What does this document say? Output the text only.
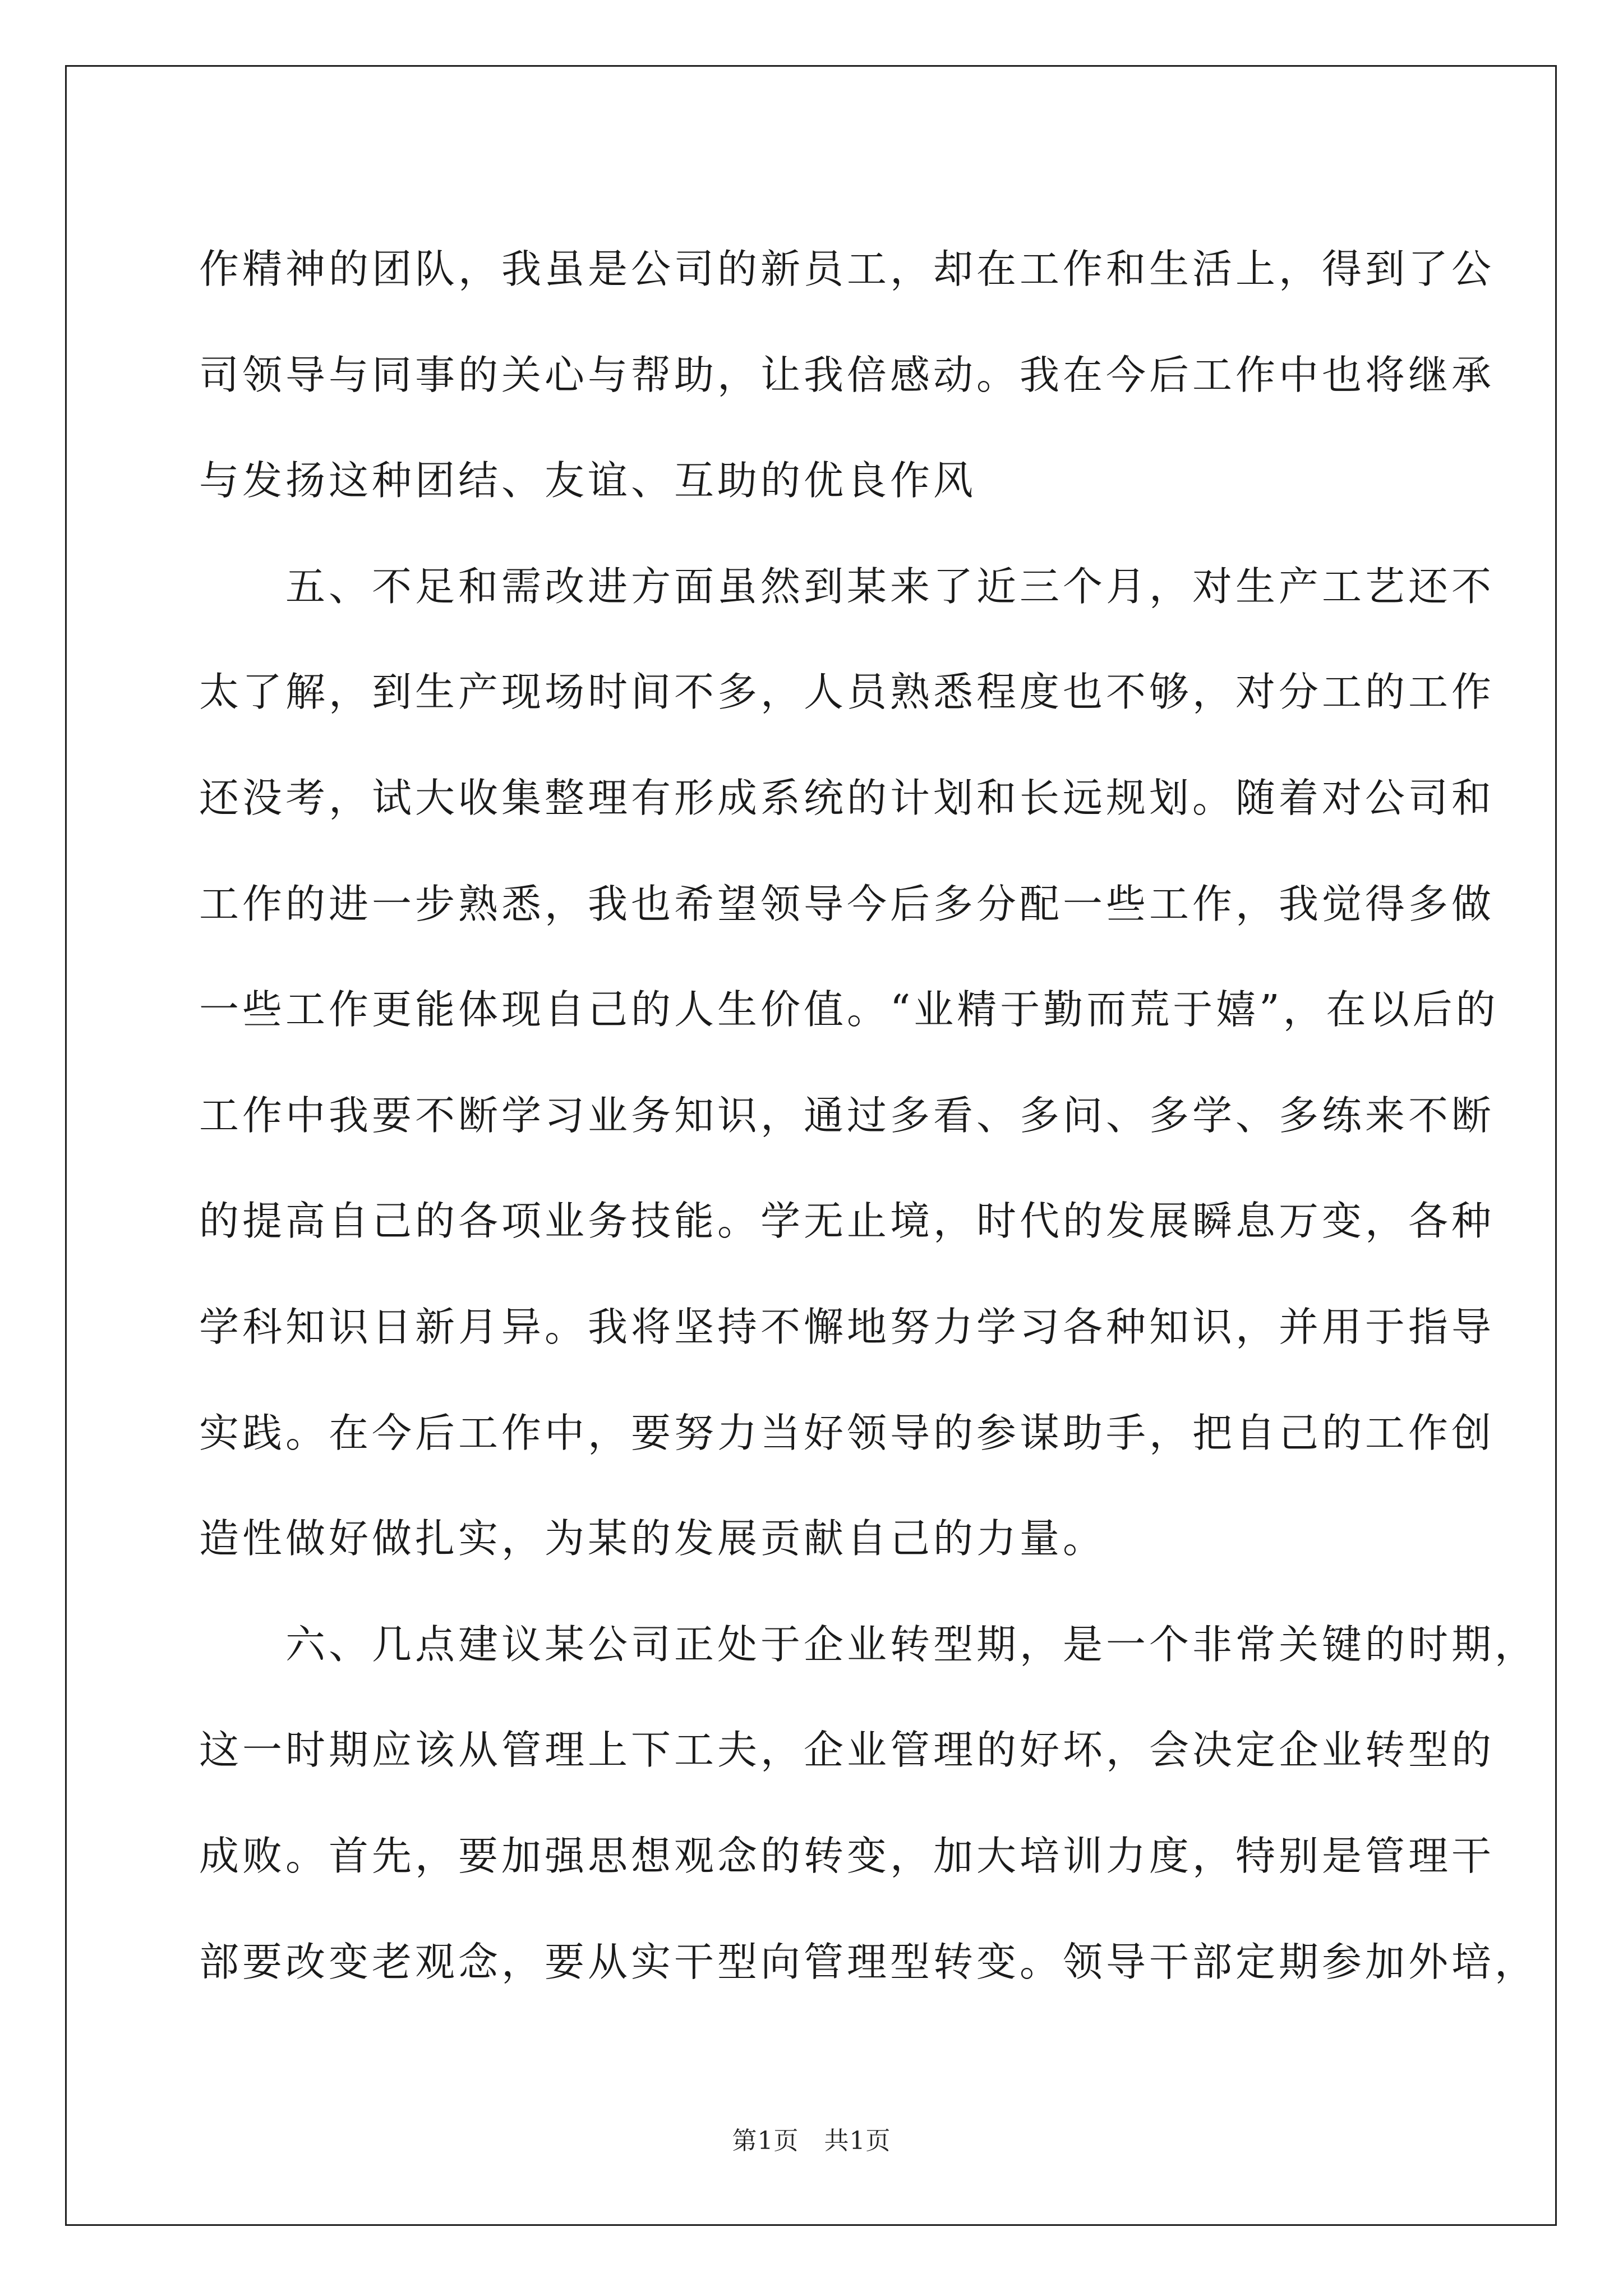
作精神的团队，我虽是公司的新员工，却在工作和生活上，得到了公
司领导与同事的关心与帮助，让我倍感动。我在今后工作中也将继承
与发扬这种团结、友谊、互助的优良作风
　　五、不足和需改进方面虽然到某来了近三个月，对生产工艺还不
太了解，到生产现场时间不多，人员熟悉程度也不够，对分工的工作
还没考，试大收集整理有形成系统的计划和长远规划。随着对公司和
工作的进一步熟悉，我也希望领导今后多分配一些工作，我觉得多做
一些工作更能体现自己的人生价值。“业精于勤而荒于嬉”，在以后的
工作中我要不断学习业务知识，通过多看、多问、多学、多练来不断
的提高自己的各项业务技能。学无止境，时代的发展瞬息万变，各种
学科知识日新月异。我将坚持不懈地努力学习各种知识，并用于指导
实践。在今后工作中，要努力当好领导的参谋助手，把自己的工作创
造性做好做扎实，为某的发展贡献自己的力量。
　　六、几点建议某公司正处于企业转型期，是一个非常关键的时期，
这一时期应该从管理上下工夫，企业管理的好坏，会决定企业转型的
成败。首先，要加强思想观念的转变，加大培训力度，特别是管理干
部要改变老观念，要从实干型向管理型转变。领导干部定期参加外培，
第1页　共1页
